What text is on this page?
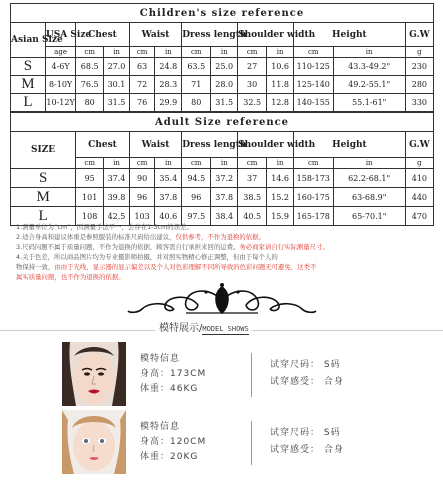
Children's size reference												
Asian Size	USA Size	Chest		Waist		Dress length		Shoulder width		Height		G.W
	age	cm	in	cm	in	cm	in	cm	in	cm	in	g
S	4-6Y	68.5	27.0	63	24.8	63.5	25.0	27	10.6	110-125	43.3-49.2"	230
M	8-10Y	76.5	30.1	72	28.3	71	28.0	30	11.8	125-140	49.2-55.1"	280
L	10-12Y	80	31.5	76	29.9	80	31.5	32.5	12.8	140-155	55.1-61"	330
Adult Size reference											
SIZE	Chest		Waist		Dress length		Shoulder width		Height		G.W
	cm	in	cm	in	cm	in	cm	in	cm	in	g
S	95	37.4	90	35.4	94.5	37.2	37	14.6	158-173	62.2-68.1"	410
M	101	39.8	96	37.8	96	37.8	38.5	15.2	160-175	63-68.9"	440
L	108	42.5	103	40.6	97.5	38.4	40.5	15.9	165-178	65-70.1"	470

1.测量单位为“cm”，因测量手法不一，会存在1-3cm的误差。

2.适合身高和建议体重是参照服装的标准尺码给出建议，仅供参考，不作为退换的依据。

3.尺码问题不属于质量问题，不作为退换的依据，顾客需自行承担来回的运费。务必商家请自行实际测量尺寸。

4.关于色差，所以商品图片均为专业摄影师拍摄，并对照实物精心修正调整，但由于每个人的

物保持一致，由由于光线，显示器的显示偏差以及个人对色彩理解不同所导致的色彩问题无可避免，这类不

属实质量问题，也不作为退换的依据。

模特展示/MODEL SHOWS
模特信息
身高：173CM
体重：46KG
试穿尺码： S码
试穿感受： 合身
模特信息
身高：120CM
体重：20KG
试穿尺码： S码
试穿感受： 合身
